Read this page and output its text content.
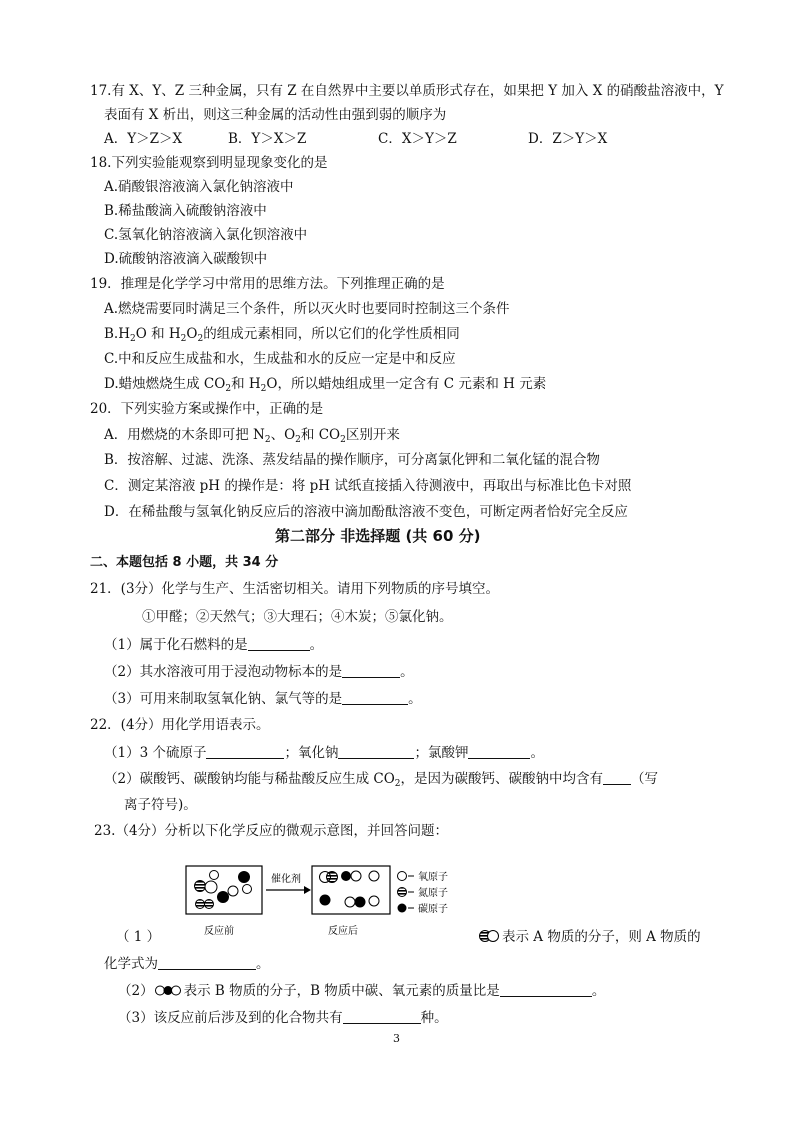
17.有 X、Y、Z 三种金属，只有 Z 在自然界中主要以单质形式存在，如果把 Y 加入 X 的硝酸盐溶液中，Y
表面有 X 析出，则这三种金属的活动性由强到弱的顺序为
A．Y＞Z＞X	B．Y＞X＞Z	C．X＞Y＞Z	D．Z＞Y＞X
18.下列实验能观察到明显现象变化的是
A.硝酸银溶液滴入氯化钠溶液中
B.稀盐酸滴入硫酸钠溶液中
C.氢氧化钠溶液滴入氯化钡溶液中
D.硫酸钠溶液滴入碳酸钡中
19．推理是化学学习中常用的思维方法。下列推理正确的是
A.燃烧需要同时满足三个条件，所以灭火时也要同时控制这三个条件
$B.H_2O$ 和 $H_2O_2$的组成元素相同，所以它们的化学性质相同
C.中和反应生成盐和水，生成盐和水的反应一定是中和反应
D.蜡烛燃烧生成 $CO_2$和 $H_2O$，所以蜡烛组成里一定含有 C 元素和 H 元素
20．下列实验方案或操作中，正确的是
A．用燃烧的木条即可把 $N_2$、$O_2$和 $CO_2$区别开来
B．按溶解、过滤、洗涤、蒸发结晶的操作顺序，可分离氯化钾和二氧化锰的混合物
C．测定某溶液 pH 的操作是：将 pH 试纸直接插入待测液中，再取出与标准比色卡对照
D．在稀盐酸与氢氧化钠反应后的溶液中滴加酚酞溶液不变色，可断定两者恰好完全反应
第二部分 非选择题 (共 60 分)
二、本题包括 8 小题，共 34 分
21．(3分）化学与生产、生活密切相关。请用下列物质的序号填空。
①甲醛；②天然气；③大理石；④木炭；⑤氯化钠。
（1）属于化石燃料的是	。
（2）其水溶液可用于浸泡动物标本的是	。
（3）可用来制取氢氧化钠、氯气等的是	。
22．(4分）用化学用语表示。
（1）3 个硫原子	；氧化钠	；氯酸钾	。
（2）碳酸钙、碳酸钠均能与稀盐酸反应生成 $CO_2$，是因为碳酸钙、碳酸钠中均含有 （写
离子符号)。
23.（4分）分析以下化学反应的微观示意图，并回答问题：
催化剂
反应前	反应后
氧原子
氮原子
碳原子
（ 1 ）	表示 A 物质的分子，则 A 物质的
化学式为	。
（2） 表示 B 物质的分子，B 物质中碳、氧元素的质量比是	。
（3）该反应前后涉及到的化合物共有	种。
3
